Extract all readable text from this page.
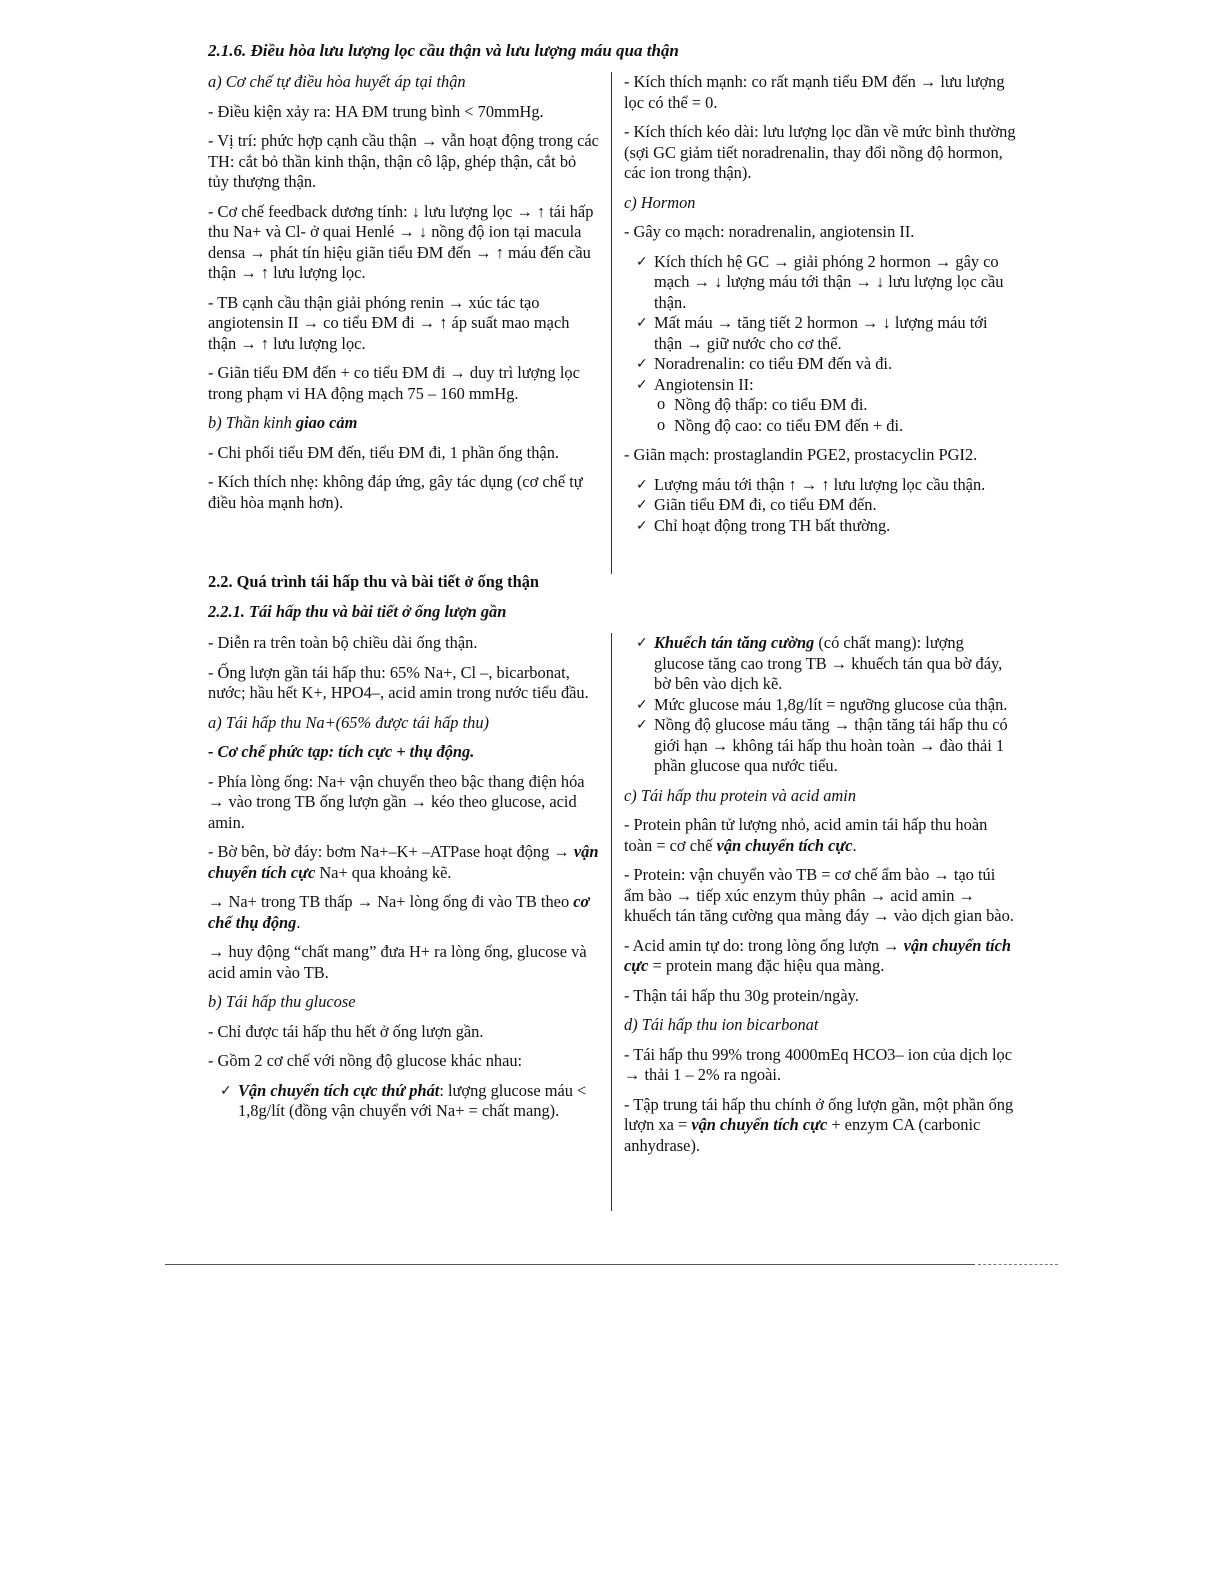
2.1.6. Điều hòa lưu lượng lọc cầu thận và lưu lượng máu qua thận

a) Cơ chế tự điều hòa huyết áp tại thận

- Điều kiện xảy ra: HA ĐM trung bình < 70mmHg.

- Vị trí: phức hợp cạnh cầu thận → vẫn hoạt động trong các TH: cắt bỏ thần kinh thận, thận cô lập, ghép thận, cắt bỏ tủy thượng thận.

- Cơ chế feedback dương tính: ↓ lưu lượng lọc → ↑ tái hấp thu Na+ và Cl- ở quai Henlé → ↓ nồng độ ion tại macula densa → phát tín hiệu giãn tiểu ĐM đến → ↑ máu đến cầu thận → ↑ lưu lượng lọc.

- TB cạnh cầu thận giải phóng renin → xúc tác tạo angiotensin II → co tiểu ĐM đi → ↑ áp suất mao mạch thận → ↑ lưu lượng lọc.

- Giãn tiểu ĐM đến + co tiểu ĐM đi → duy trì lượng lọc trong phạm vi HA động mạch 75 – 160 mmHg.

b) Thần kinh giao cảm

- Chi phối tiểu ĐM đến, tiểu ĐM đi, 1 phần ống thận.

- Kích thích nhẹ: không đáp ứng, gây tác dụng (cơ chế tự điều hòa mạnh hơn).

- Kích thích mạnh: co rất mạnh tiểu ĐM đến → lưu lượng lọc có thể = 0.

- Kích thích kéo dài: lưu lượng lọc dần về mức bình thường (sợi GC giảm tiết noradrenalin, thay đổi nồng độ hormon, các ion trong thận).

c) Hormon

- Gây co mạch: noradrenalin, angiotensin II.

✓ Kích thích hệ GC → giải phóng 2 hormon → gây co mạch → ↓ lượng máu tới thận → ↓ lưu lượng lọc cầu thận.
✓ Mất máu → tăng tiết 2 hormon → ↓ lượng máu tới thận → giữ nước cho cơ thể.
✓ Noradrenalin: co tiểu ĐM đến và đi.
✓ Angiotensin II:
o Nồng độ thấp: co tiểu ĐM đi.
o Nồng độ cao: co tiểu ĐM đến + đi.

- Giãn mạch: prostaglandin PGE2, prostacyclin PGI2.

✓ Lượng máu tới thận ↑ → ↑ lưu lượng lọc cầu thận.
✓ Giãn tiểu ĐM đi, co tiểu ĐM đến.
✓ Chỉ hoạt động trong TH bất thường.

2.2. Quá trình tái hấp thu và bài tiết ở ống thận

2.2.1. Tái hấp thu và bài tiết ở ống lượn gần

- Diễn ra trên toàn bộ chiều dài ống thận.

- Ống lượn gần tái hấp thu: 65% Na+, Cl –, bicarbonat, nước; hầu hết K+, HPO4–, acid amin trong nước tiểu đầu.

a) Tái hấp thu Na+(65% được tái hấp thu)

- Cơ chế phức tạp: tích cực + thụ động.

- Phía lòng ống: Na+ vận chuyển theo bậc thang điện hóa → vào trong TB ống lượn gần → kéo theo glucose, acid amin.

- Bờ bên, bờ đáy: bơm Na+–K+ –ATPase hoạt động → vận chuyển tích cực Na+ qua khoảng kẽ.

→ Na+ trong TB thấp → Na+ lòng ống đi vào TB theo cơ chế thụ động.

→ huy động “chất mang” đưa H+ ra lòng ống, glucose và acid amin vào TB.

b) Tái hấp thu glucose

- Chỉ được tái hấp thu hết ở ống lượn gần.

- Gồm 2 cơ chế với nồng độ glucose khác nhau:

✓ Vận chuyển tích cực thứ phát: lượng glucose máu < 1,8g/lít (đồng vận chuyển với Na+ = chất mang).
✓ Khuếch tán tăng cường (có chất mang): lượng glucose tăng cao trong TB → khuếch tán qua bờ đáy, bờ bên vào dịch kẽ.
✓ Mức glucose máu 1,8g/lít = ngưỡng glucose của thận.
✓ Nồng độ glucose máu tăng → thận tăng tái hấp thu có giới hạn → không tái hấp thu hoàn toàn → đào thải 1 phần glucose qua nước tiểu.

c) Tái hấp thu protein và acid amin

- Protein phân tử lượng nhỏ, acid amin tái hấp thu hoàn toàn = cơ chế vận chuyển tích cực.

- Protein: vận chuyển vào TB = cơ chế ẩm bào → tạo túi ẩm bào → tiếp xúc enzym thủy phân → acid amin → khuếch tán tăng cường qua màng đáy → vào dịch gian bào.

- Acid amin tự do: trong lòng ống lượn → vận chuyển tích cực = protein mang đặc hiệu qua màng.

- Thận tái hấp thu 30g protein/ngày.

d) Tái hấp thu ion bicarbonat

- Tái hấp thu 99% trong 4000mEq HCO3– ion của dịch lọc → thải 1 – 2% ra ngoài.

- Tập trung tái hấp thu chính ở ống lượn gần, một phần ống lượn xa = vận chuyển tích cực + enzym CA (carbonic anhydrase).
